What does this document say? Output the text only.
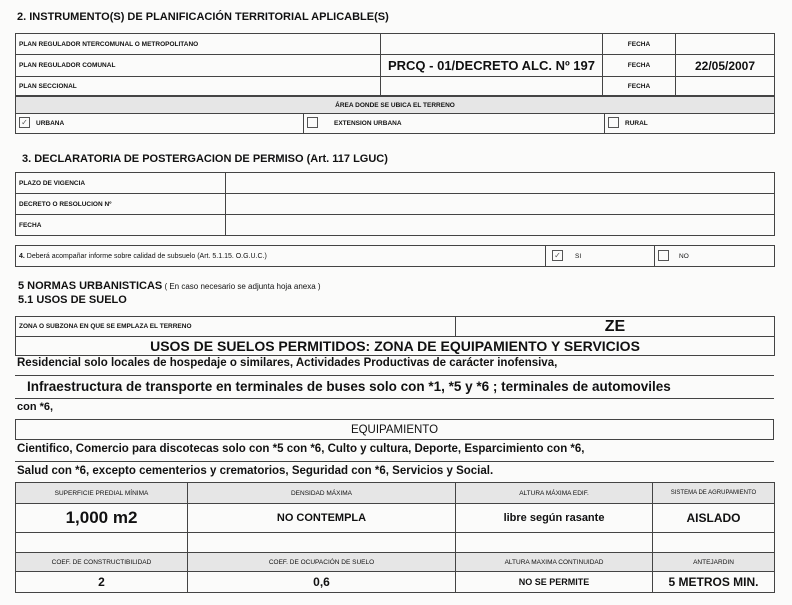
2. INSTRUMENTO(S) DE PLANIFICACIÓN TERRITORIAL APLICABLE(S)
PLAN REGULADOR NTERCOMUNAL O METROPOLITANO		FECHA	
PLAN REGULADOR COMUNAL	PRCQ - 01/DECRETO ALC. Nº 197	FECHA	22/05/2007
PLAN SECCIONAL		FECHA	
ÁREA DONDE SE UBICA EL TERRENO
✓URBANA	EXTENSION URBANA	RURAL
3. DECLARATORIA DE POSTERGACION DE PERMISO (Art. 117 LGUC)
PLAZO DE VIGENCIA	
DECRETO O RESOLUCION Nº	
FECHA	
4. Deberá acompañar informe sobre calidad de subsuelo (Art. 5.1.15. O.G.U.C.)	✓SI	NO
5 NORMAS URBANISTICAS ( En caso necesario se adjunta hoja anexa )
5.1 USOS DE SUELO
ZONA O SUBZONA EN QUE SE EMPLAZA EL TERRENO	ZE
USOS DE SUELOS PERMITIDOS: ZONA DE EQUIPAMIENTO Y SERVICIOS
Residencial solo locales de hospedaje o similares, Actividades Productivas de carácter inofensiva,
Infraestructura de transporte en terminales de buses solo con *1, *5 y *6 ; terminales de automoviles
con *6,
EQUIPAMIENTO
Cientifico, Comercio para discotecas solo con *5 con *6, Culto y cultura, Deporte, Esparcimiento con *6,
Salud con *6, excepto cementerios y crematorios, Seguridad con *6, Servicios y Social.
SUPERFICIE PREDIAL MÍNIMA	DENSIDAD MÁXIMA	ALTURA MÁXIMA EDIF.	SISTEMA DE AGRUPAMIENTO
1,000 m2	NO CONTEMPLA	libre según rasante	AISLADO

COEF. DE CONSTRUCTIBILIDAD	COEF. DE OCUPACIÓN DE SUELO	ALTURA MAXIMA CONTINUIDAD	ANTEJARDIN
2	0,6	NO SE PERMITE	5 METROS MIN.
